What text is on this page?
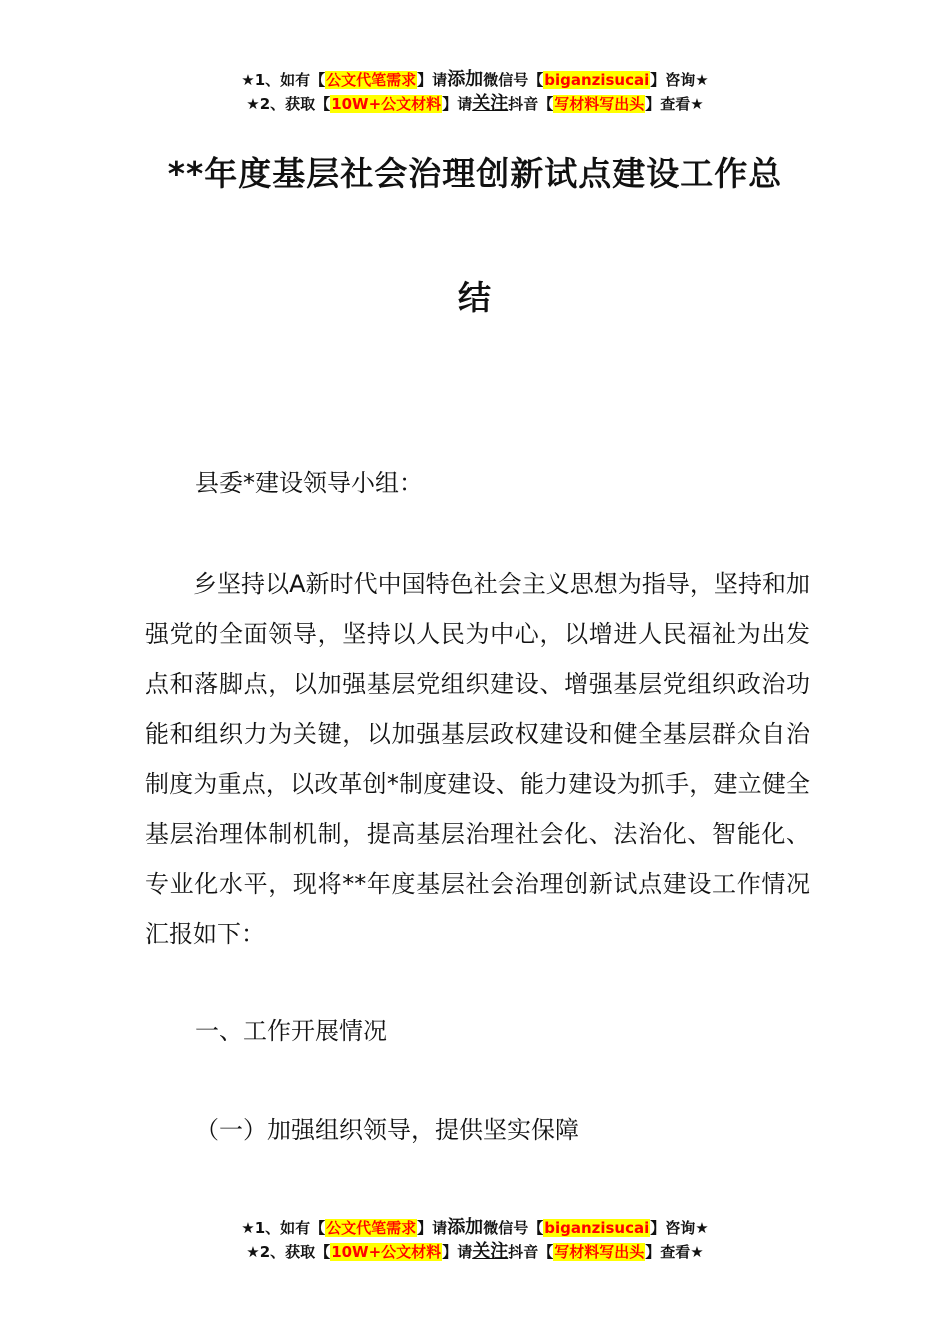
★1、如有【公文代笔需求】请添加微信号【biganzisucai】咨询★
★2、获取【10W+公文材料】请关注抖音【写材料写出头】查看★
**年度基层社会治理创新试点建设工作总
结
县委*建设领导小组：
乡坚持以A新时代中国特色社会主义思想为指导，坚持和加强党的全面领导，坚持以人民为中心，以增进人民福祉为出发点和落脚点，以加强基层党组织建设、增强基层党组织政治功能和组织力为关键，以加强基层政权建设和健全基层群众自治制度为重点，以改革创*制度建设、能力建设为抓手，建立健全基层治理体制机制，提高基层治理社会化、法治化、智能化、专业化水平，现将**年度基层社会治理创新试点建设工作情况汇报如下：
一、工作开展情况
（一）加强组织领导，提供坚实保障
★1、如有【公文代笔需求】请添加微信号【biganzisucai】咨询★
★2、获取【10W+公文材料】请关注抖音【写材料写出头】查看★
